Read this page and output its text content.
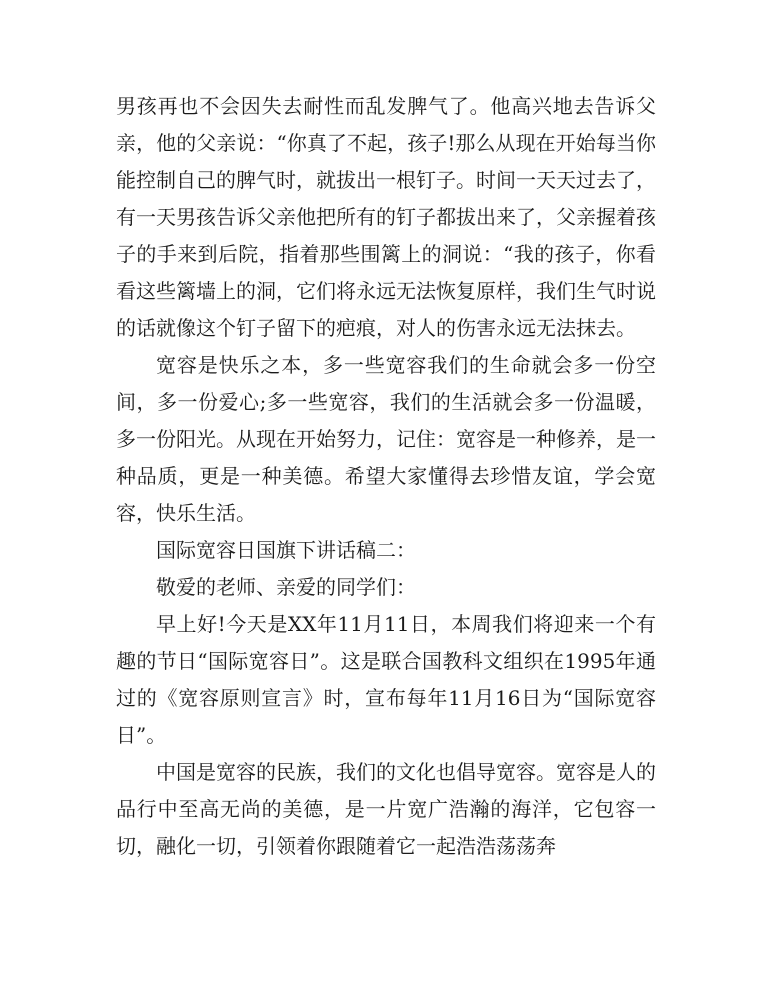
男孩再也不会因失去耐性而乱发脾气了。他高兴地去告诉父亲，他的父亲说：“你真了不起，孩子!那么从现在开始每当你能控制自己的脾气时，就拔出一根钉子。时间一天天过去了，有一天男孩告诉父亲他把所有的钉子都拔出来了，父亲握着孩子的手来到后院，指着那些围篱上的洞说：“我的孩子，你看看这些篱墙上的洞，它们将永远无法恢复原样，我们生气时说的话就像这个钉子留下的疤痕，对人的伤害永远无法抹去。

宽容是快乐之本，多一些宽容我们的生命就会多一份空间，多一份爱心;多一些宽容，我们的生活就会多一份温暖，多一份阳光。从现在开始努力，记住：宽容是一种修养，是一种品质，更是一种美德。希望大家懂得去珍惜友谊，学会宽容，快乐生活。

国际宽容日国旗下讲话稿二：

敬爱的老师、亲爱的同学们：

早上好!今天是XX年11月11日，本周我们将迎来一个有趣的节日“国际宽容日”。这是联合国教科文组织在1995年通过的《宽容原则宣言》时，宣布每年11月16日为“国际宽容日”。

中国是宽容的民族，我们的文化也倡导宽容。宽容是人的品行中至高无尚的美德，是一片宽广浩瀚的海洋，它包容一切，融化一切，引领着你跟随着它一起浩浩荡荡奔
